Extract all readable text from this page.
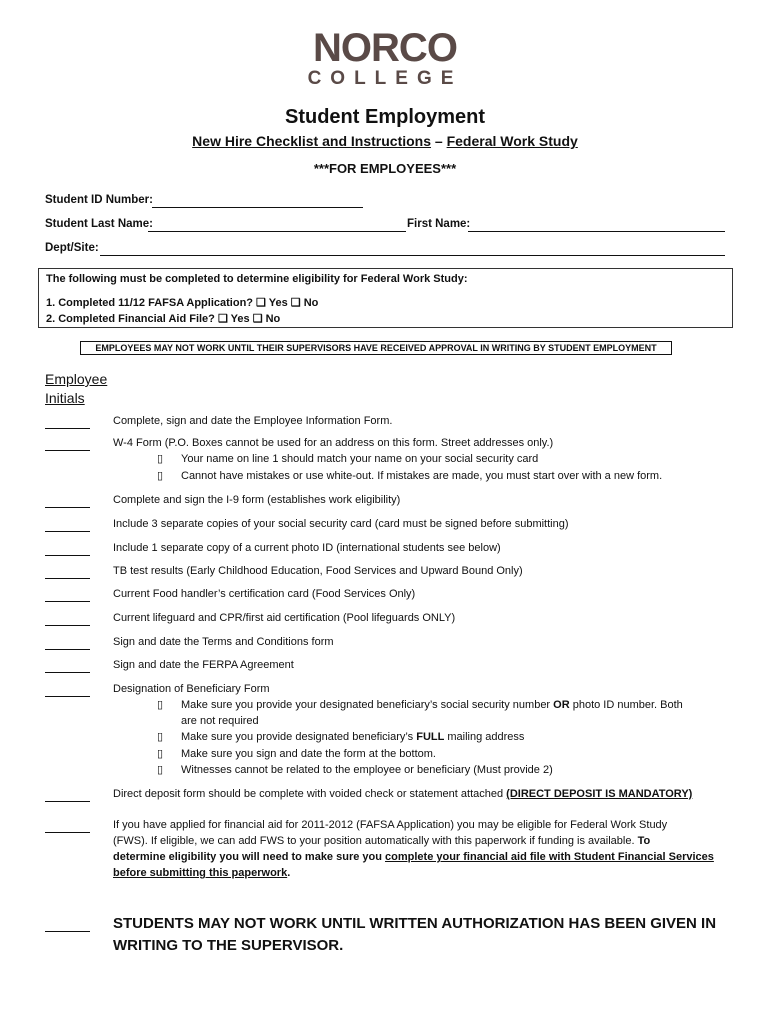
NORCO
COLLEGE
Student Employment
New Hire Checklist and Instructions – Federal Work Study
***FOR EMPLOYEES***
Student ID Number:
Student Last Name:	First Name:
Dept/Site:
The following must be completed to determine eligibility for Federal Work Study:
1. Completed 11/12 FAFSA Application? ❑ Yes ❑ No
2. Completed Financial Aid File? ❑ Yes ❑ No
EMPLOYEES MAY NOT WORK UNTIL THEIR SUPERVISORS HAVE RECEIVED APPROVAL IN WRITING BY STUDENT EMPLOYMENT
Employee
Initials
Complete, sign and date the Employee Information Form.
W-4 Form (P.O. Boxes cannot be used for an address on this form. Street addresses only.)
▯ Your name on line 1 should match your name on your social security card
▯ Cannot have mistakes or use white-out. If mistakes are made, you must start over with a new form.
Complete and sign the I-9 form (establishes work eligibility)
Include 3 separate copies of your social security card (card must be signed before submitting)
Include 1 separate copy of a current photo ID (international students see below)
TB test results (Early Childhood Education, Food Services and Upward Bound Only)
Current Food handler’s certification card (Food Services Only)
Current lifeguard and CPR/first aid certification (Pool lifeguards ONLY)
Sign and date the Terms and Conditions form
Sign and date the FERPA Agreement
Designation of Beneficiary Form
▯ Make sure you provide your designated beneficiary’s social security number OR photo ID number. Both
are not required
▯ Make sure you provide designated beneficiary’s FULL mailing address
▯ Make sure you sign and date the form at the bottom.
▯ Witnesses cannot be related to the employee or beneficiary (Must provide 2)
Direct deposit form should be complete with voided check or statement attached (DIRECT DEPOSIT IS MANDATORY)
If you have applied for financial aid for 2011-2012 (FAFSA Application) you may be eligible for Federal Work Study
(FWS). If eligible, we can add FWS to your position automatically with this paperwork if funding is available. To
determine eligibility you will need to make sure you complete your financial aid file with Student Financial Services
before submitting this paperwork.
STUDENTS MAY NOT WORK UNTIL WRITTEN AUTHORIZATION HAS BEEN GIVEN IN
WRITING TO THE SUPERVISOR.
